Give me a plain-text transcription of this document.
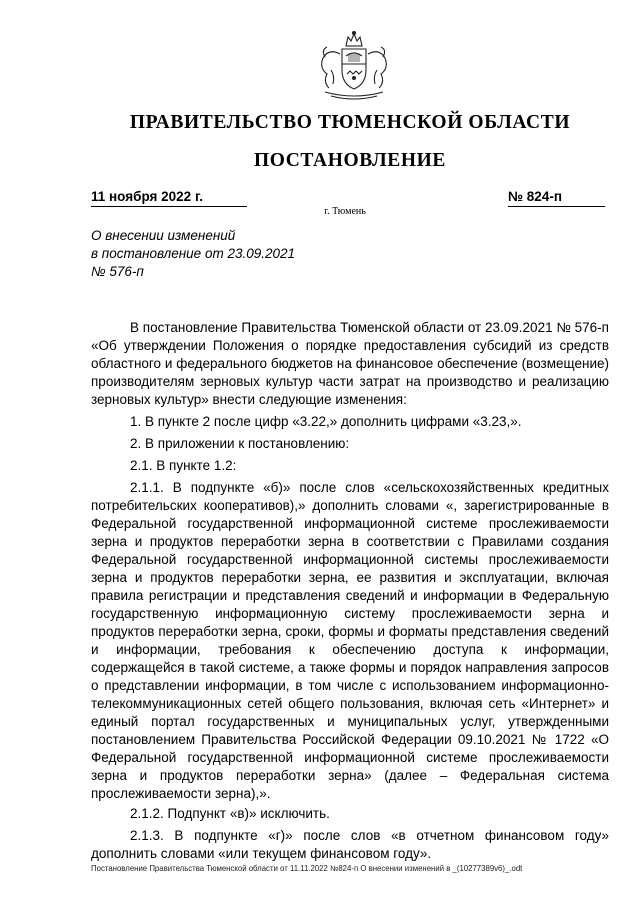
ПРАВИТЕЛЬСТВО ТЮМЕНСКОЙ ОБЛАСТИ
ПОСТАНОВЛЕНИЕ
11 ноября 2022 г.	№ 824-п
г. Тюмень
О внесении изменений
в постановление от 23.09.2021
№ 576-п

В постановление Правительства Тюменской области от 23.09.2021 № 576-п «Об утверждении Положения о порядке предоставления субсидий из средств областного и федерального бюджетов на финансовое обеспечение (возмещение) производителям зерновых культур части затрат на производство и реализацию зерновых культур» внести следующие изменения:

1. В пункте 2 после цифр «3.22,» дополнить цифрами «3.23,».

2. В приложении к постановлению:

2.1. В пункте 1.2:

2.1.1. В подпункте «б)» после слов «сельскохозяйственных кредитных потребительских кооперативов),» дополнить словами «, зарегистрированные в Федеральной государственной информационной системе прослеживаемости зерна и продуктов переработки зерна в соответствии с Правилами создания Федеральной государственной информационной системы прослеживаемости зерна и продуктов переработки зерна, ее развития и эксплуатации, включая правила регистрации и представления сведений и информации в Федеральную государственную информационную систему прослеживаемости зерна и продуктов переработки зерна, сроки, формы и форматы представления сведений и информации, требования к обеспечению доступа к информации, содержащейся в такой системе, а также формы и порядок направления запросов о представлении информации, в том числе с использованием информационно-телекоммуникационных сетей общего пользования, включая сеть «Интернет» и единый портал государственных и муниципальных услуг, утвержденными постановлением Правительства Российской Федерации 09.10.2021 № 1722 «О Федеральной государственной информационной системе прослеживаемости зерна и продуктов переработки зерна» (далее – Федеральная система прослеживаемости зерна),».

2.1.2. Подпункт «в)» исключить.

2.1.3. В подпункте «г)» после слов «в отчетном финансовом году» дополнить словами «или текущем финансовом году».

Постановление Правительства Тюменской области от 11.11.2022 №824-п О внесении изменений в _(10277389v6)_.odt
